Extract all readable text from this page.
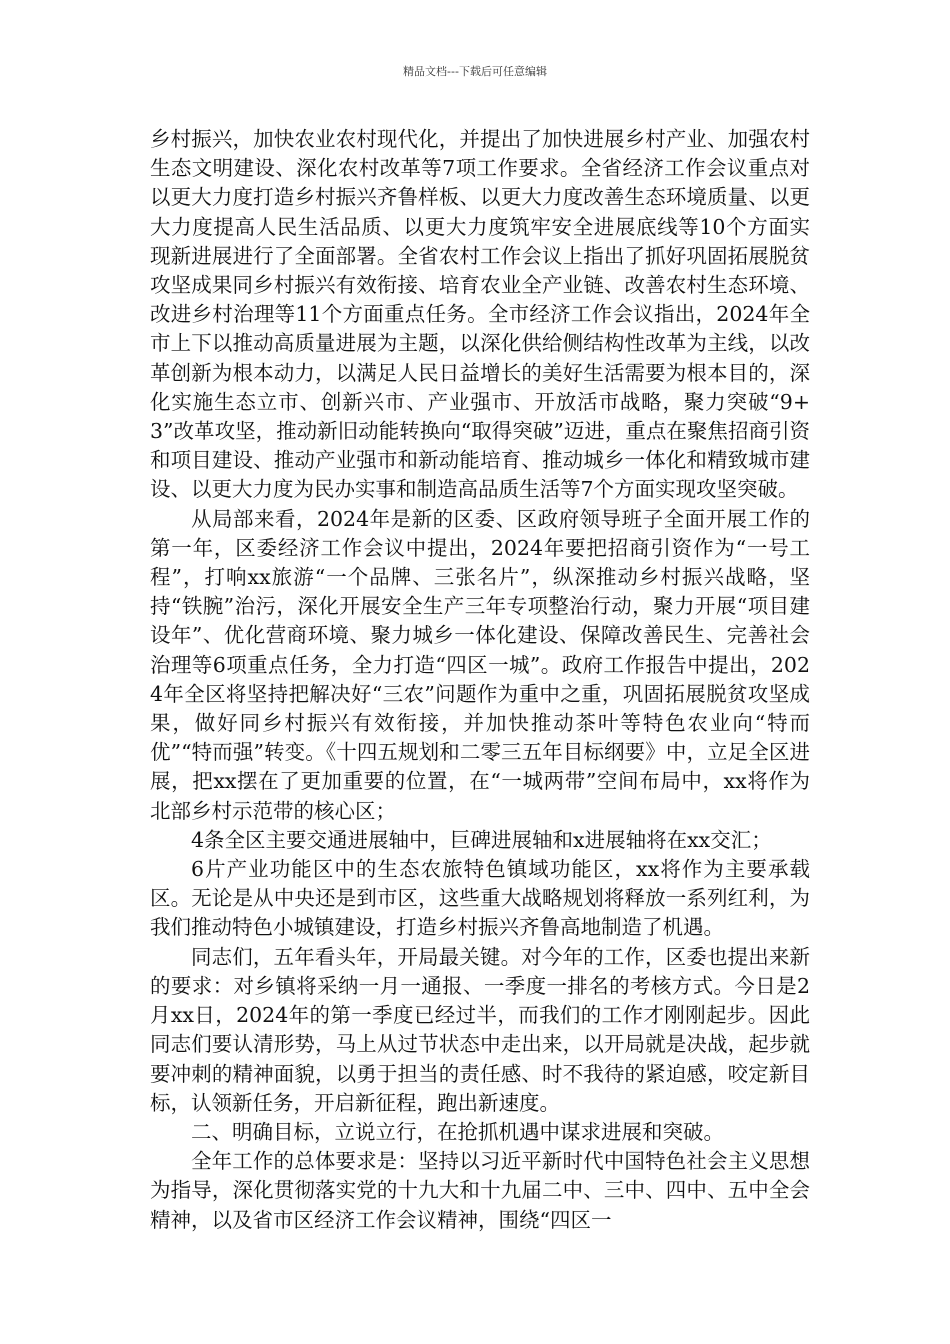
精品文档---下载后可任意编辑

乡村振兴，加快农业农村现代化，并提出了加快进展乡村产业、加强农村生态文明建设、深化农村改革等7项工作要求。全省经济工作会议重点对以更大力度打造乡村振兴齐鲁样板、以更大力度改善生态环境质量、以更大力度提高人民生活品质、以更大力度筑牢安全进展底线等10个方面实现新进展进行了全面部署。全省农村工作会议上指出了抓好巩固拓展脱贫攻坚成果同乡村振兴有效衔接、培育农业全产业链、改善农村生态环境、改进乡村治理等11个方面重点任务。全市经济工作会议指出，2024年全市上下以推动高质量进展为主题，以深化供给侧结构性改革为主线，以改革创新为根本动力，以满足人民日益增长的美好生活需要为根本目的，深化实施生态立市、创新兴市、产业强市、开放活市战略，聚力突破“9+3”改革攻坚，推动新旧动能转换向“取得突破”迈进，重点在聚焦招商引资和项目建设、推动产业强市和新动能培育、推动城乡一体化和精致城市建设、以更大力度为民办实事和制造高品质生活等7个方面实现攻坚突破。

从局部来看，2024年是新的区委、区政府领导班子全面开展工作的第一年，区委经济工作会议中提出，2024年要把招商引资作为“一号工程”，打响xx旅游“一个品牌、三张名片”，纵深推动乡村振兴战略，坚持“铁腕”治污，深化开展安全生产三年专项整治行动，聚力开展“项目建设年”、优化营商环境、聚力城乡一体化建设、保障改善民生、完善社会治理等6项重点任务，全力打造“四区一城”。政府工作报告中提出，2024年全区将坚持把解决好“三农”问题作为重中之重，巩固拓展脱贫攻坚成果，做好同乡村振兴有效衔接，并加快推动茶叶等特色农业向“特而优”“特而强”转变。《十四五规划和二零三五年目标纲要》中，立足全区进展，把xx摆在了更加重要的位置，在“一城两带”空间布局中，xx将作为北部乡村示范带的核心区；

4条全区主要交通进展轴中，巨碑进展轴和x进展轴将在xx交汇；

6片产业功能区中的生态农旅特色镇域功能区，xx将作为主要承载区。无论是从中央还是到市区，这些重大战略规划将释放一系列红利，为我们推动特色小城镇建设，打造乡村振兴齐鲁高地制造了机遇。

同志们，五年看头年，开局最关键。对今年的工作，区委也提出来新的要求：对乡镇将采纳一月一通报、一季度一排名的考核方式。今日是2月xx日，2024年的第一季度已经过半，而我们的工作才刚刚起步。因此同志们要认清形势，马上从过节状态中走出来，以开局就是决战，起步就要冲刺的精神面貌，以勇于担当的责任感、时不我待的紧迫感，咬定新目标，认领新任务，开启新征程，跑出新速度。

二、明确目标，立说立行，在抢抓机遇中谋求进展和突破。

全年工作的总体要求是：坚持以习近平新时代中国特色社会主义思想为指导，深化贯彻落实党的十九大和十九届二中、三中、四中、五中全会精神，以及省市区经济工作会议精神，围绕“四区一
